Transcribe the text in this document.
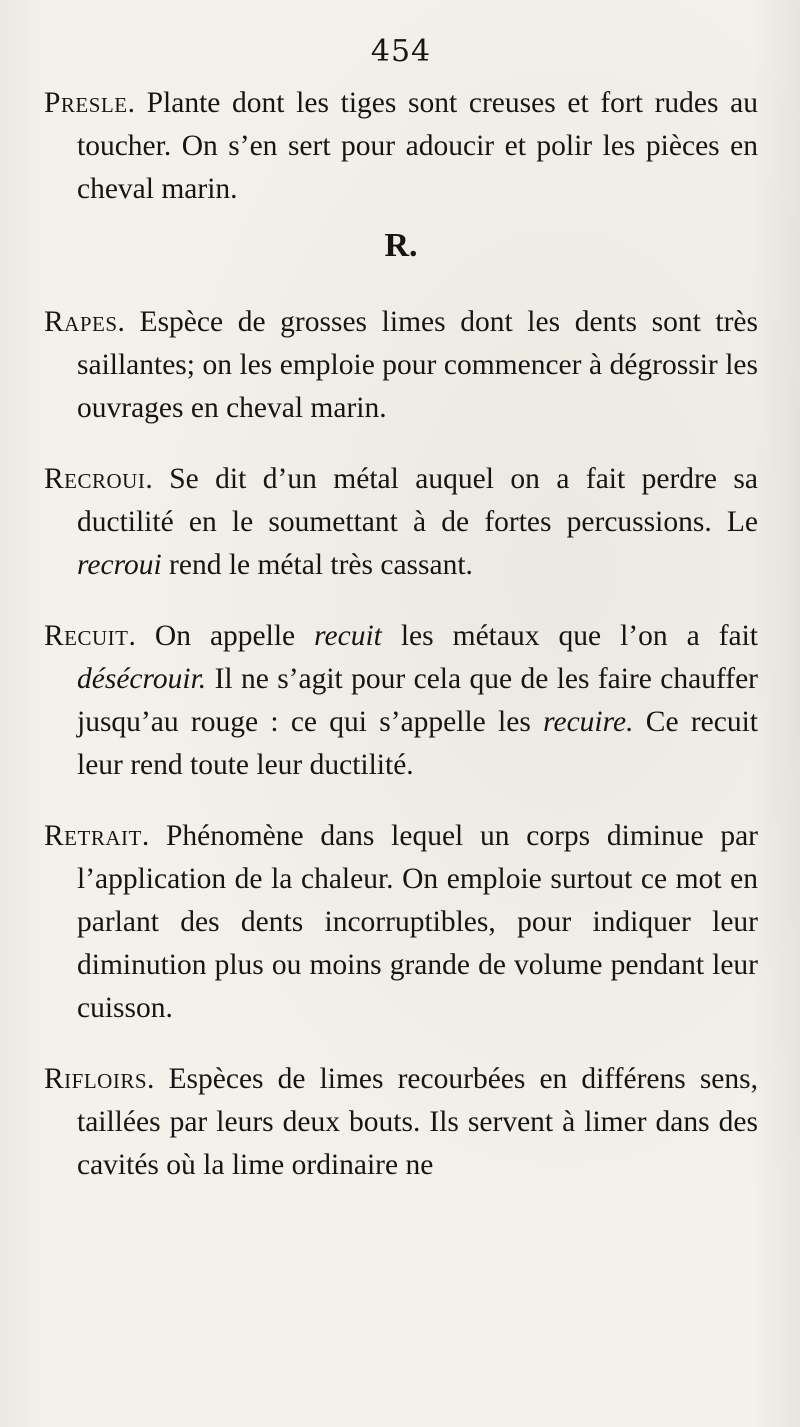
454

Presle. Plante dont les tiges sont creuses et fort rudes au toucher. On s’en sert pour adoucir et polir les pièces en cheval marin.

R.

Rapes. Espèce de grosses limes dont les dents sont très saillantes; on les emploie pour commencer à dégrossir les ouvrages en cheval marin.

Recroui. Se dit d’un métal auquel on a fait perdre sa ductilité en le soumettant à de fortes percussions. Le recroui rend le métal très cassant.

Recuit. On appelle recuit les métaux que l’on a fait désécrouir. Il ne s’agit pour cela que de les faire chauffer jusqu’au rouge : ce qui s’appelle les recuire. Ce recuit leur rend toute leur ductilité.

Retrait. Phénomène dans lequel un corps diminue par l’application de la chaleur. On emploie surtout ce mot en parlant des dents incorruptibles, pour indiquer leur diminution plus ou moins grande de volume pendant leur cuisson.

Rifloirs. Espèces de limes recourbées en différens sens, taillées par leurs deux bouts. Ils servent à limer dans des cavités où la lime ordinaire ne
